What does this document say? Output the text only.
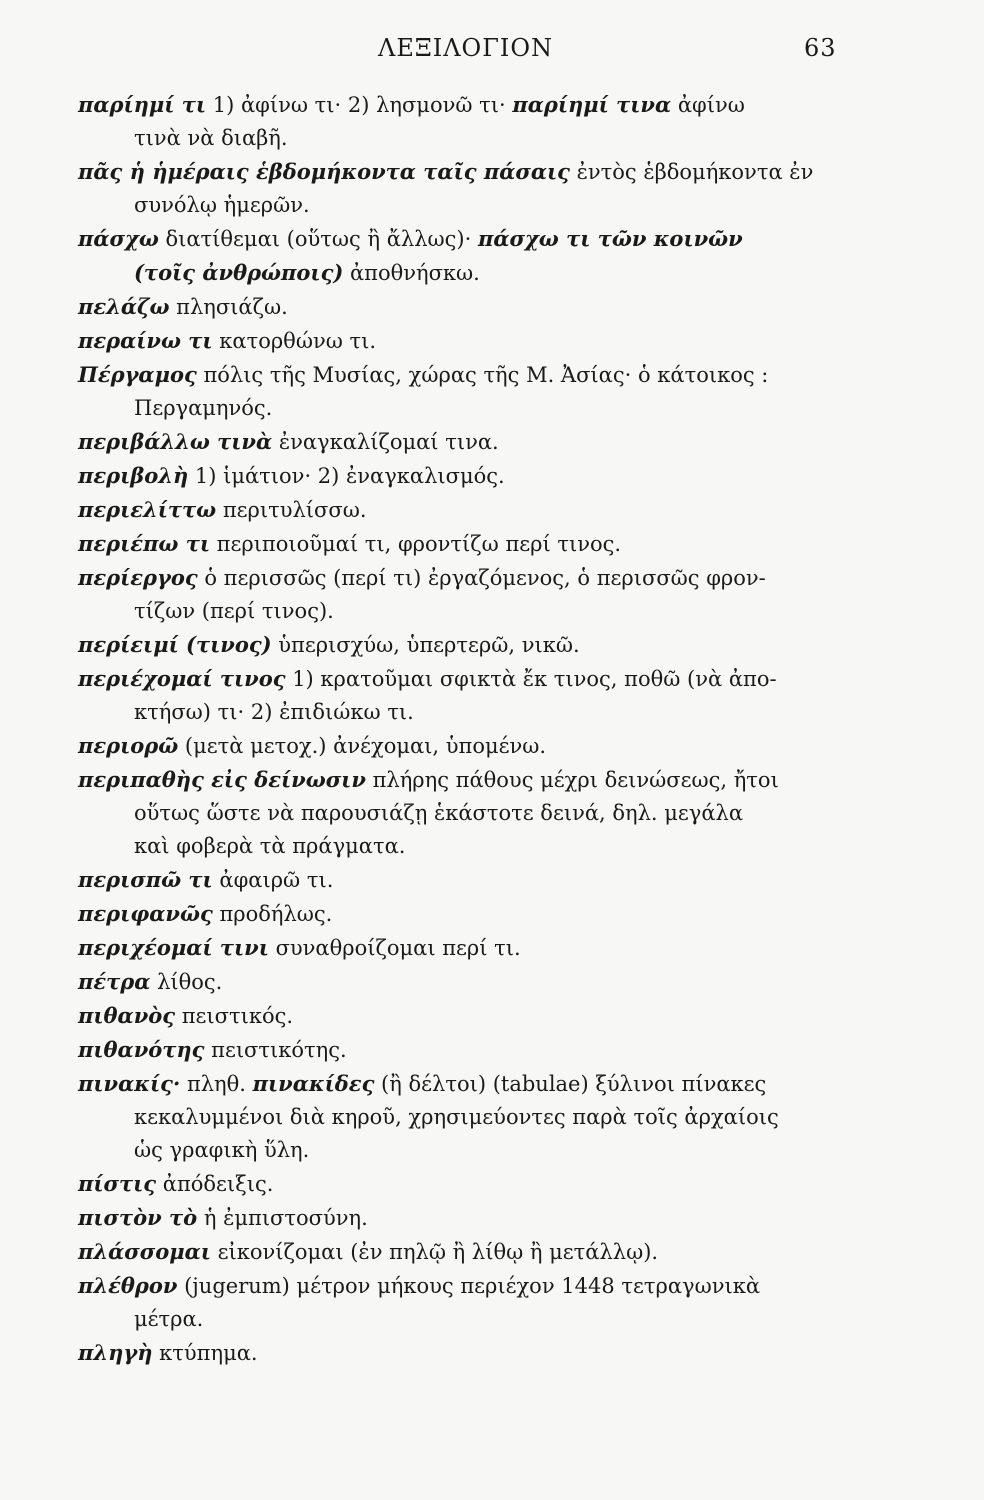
ΛΕΞΙΛΟΓΙΟΝ	63
παρίημί τι 1) ἀφίνω τι· 2) λησμονῶ τι· παρίημί τινα ἀφίνω
τινὰ νὰ διαβῆ.
πᾶς ἡ ἡμέραις ἑβδομήκοντα ταῖς πάσαις ἐντὸς ἑβδομήκοντα ἐν
συνόλῳ ἡμερῶν.
πάσχω διατίθεμαι (οὕτως ἢ ἄλλως)· πάσχω τι τῶν κοινῶν
(τοῖς ἀνθρώποις) ἀποθνήσκω.
πελάζω πλησιάζω.
περαίνω τι κατορθώνω τι.
Πέργαμος πόλις τῆς Μυσίας, χώρας τῆς Μ. Ἀσίας· ὁ κάτοικος :
Περγαμηνός.
περιβάλλω τινὰ ἐναγκαλίζομαί τινα.
περιβολὴ 1) ἱμάτιον· 2) ἐναγκαλισμός.
περιελίττω περιτυλίσσω.
περιέπω τι περιποιοῦμαί τι, φροντίζω περί τινος.
περίεργος ὁ περισσῶς (περί τι) ἐργαζόμενος, ὁ περισσῶς φρον-
τίζων (περί τινος).
περίειμί (τινος) ὑπερισχύω, ὑπερτερῶ, νικῶ.
περιέχομαί τινος 1) κρατοῦμαι σφικτὰ ἔκ τινος, ποθῶ (νὰ ἀπο-
κτήσω) τι· 2) ἐπιδιώκω τι.
περιορῶ (μετὰ μετοχ.) ἀνέχομαι, ὑπομένω.
περιπαθὴς εἰς δείνωσιν πλήρης πάθους μέχρι δεινώσεως, ἤτοι
οὕτως ὥστε νὰ παρουσιάζῃ ἑκάστοτε δεινά, δηλ. μεγάλα
καὶ φοβερὰ τὰ πράγματα.
περισπῶ τι ἀφαιρῶ τι.
περιφανῶς προδήλως.
περιχέομαί τινι συναθροίζομαι περί τι.
πέτρα λίθος.
πιθανὸς πειστικός.
πιθανότης πειστικότης.
πινακίς· πληθ. πινακίδες (ἢ δέλτοι) (tabulae) ξύλινοι πίνακες
κεκαλυμμένοι διὰ κηροῦ, χρησιμεύοντες παρὰ τοῖς ἀρχαίοις
ὡς γραφικὴ ὕλη.
πίστις ἀπόδειξις.
πιστὸν τὸ ἡ ἐμπιστοσύνη.
πλάσσομαι εἰκονίζομαι (ἐν πηλῷ ἢ λίθῳ ἢ μετάλλῳ).
πλέθρον (jugerum) μέτρον μήκους περιέχον 1448 τετραγωνικὰ
μέτρα.
πληγὴ κτύπημα.
